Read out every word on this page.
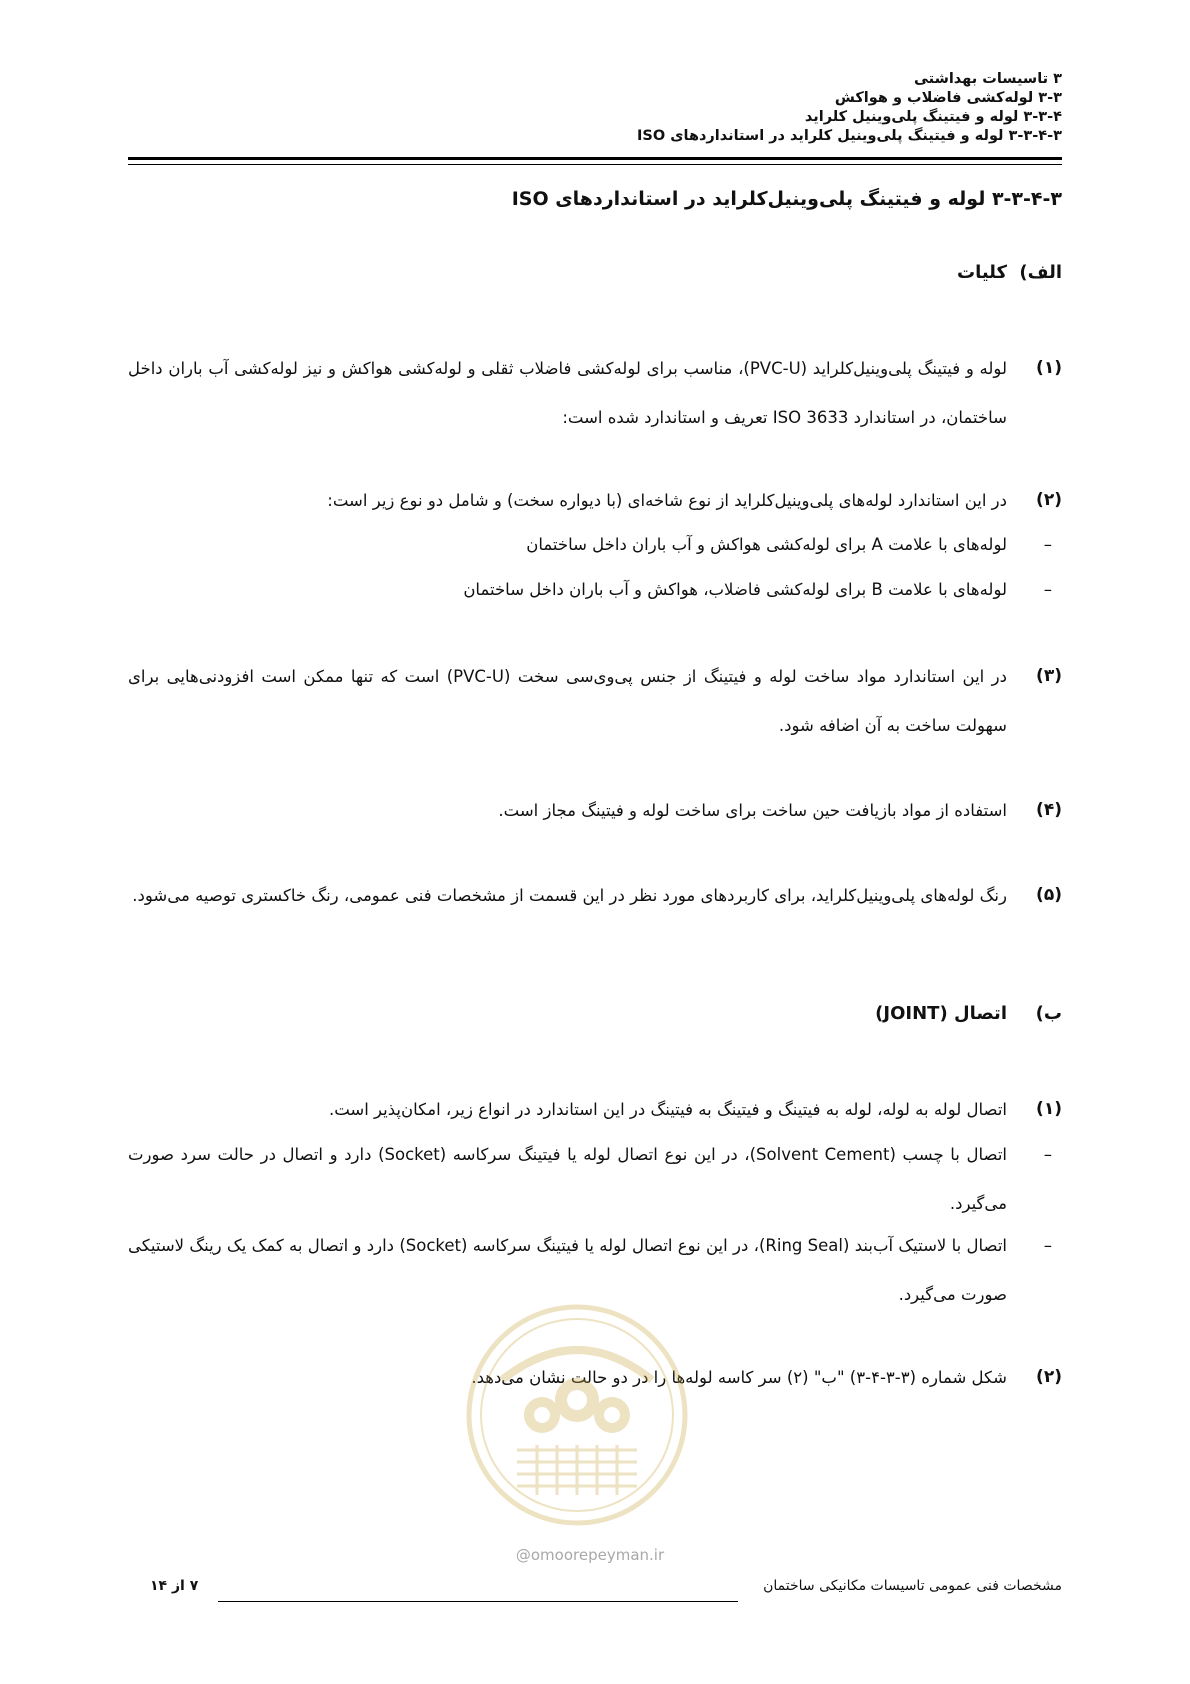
۳ تاسیسات بهداشتی
۳-۳ لوله‌کشی فاضلاب و هواکش
۳-۳-۴ لوله و فیتینگ پلی‌وینیل کلراید
۳-۳-۴-۳ لوله و فیتینگ پلی‌وینیل کلراید در استانداردهای ISO
۳-۳-۴-۳ لوله و فیتینگ پلی‌وینیل‌کلراید در استانداردهای ISO
الف)کلیات
(۱)
لوله و فیتینگ پلی‌وینیل‌کلراید (PVC-U)، مناسب برای لوله‌کشی فاضلاب ثقلی و لوله‌کشی هواکش و نیز لوله‌کشی آب باران داخل ساختمان، در استاندارد ISO 3633 تعریف و استاندارد شده است:
(۲)
در این استاندارد لوله‌های پلی‌وینیل‌کلراید از نوع شاخه‌ای (با دیواره سخت) و شامل دو نوع زیر است:
–
لوله‌های با علامت A برای لوله‌کشی هواکش و آب باران داخل ساختمان
–
لوله‌های با علامت B برای لوله‌کشی فاضلاب، هواکش و آب باران داخل ساختمان
(۳)
در این استاندارد مواد ساخت لوله و فیتینگ از جنس پی‌وی‌سی سخت (PVC-U) است که تنها ممکن است افزودنی‌هایی برای سهولت ساخت به آن اضافه شود.
(۴)
استفاده از مواد بازیافت حین ساخت برای ساخت لوله و فیتینگ مجاز است.
(۵)
رنگ لوله‌های پلی‌وینیل‌کلراید، برای کاربردهای مورد نظر در این قسمت از مشخصات فنی عمومی، رنگ خاکستری توصیه می‌شود.
ب)اتصال (JOINT)
(۱)
اتصال لوله به لوله، لوله به فیتینگ و فیتینگ به فیتینگ در این استاندارد در انواع زیر، امکان‌پذیر است.
–
اتصال با چسب (Solvent Cement)، در این نوع اتصال لوله یا فیتینگ سرکاسه (Socket) دارد و اتصال در حالت سرد صورت می‌گیرد.
–
اتصال با لاستیک آب‌بند (Ring Seal)، در این نوع اتصال لوله یا فیتینگ سرکاسه (Socket) دارد و اتصال به کمک یک رینگ لاستیکی صورت می‌گیرد.
(۲)
شکل شماره (۳-۳-۴-۳) "ب" (۲) سر کاسه لوله‌ها را در دو حالت نشان می‌دهد.
@omoorepeyman.ir
۷ از ۱۴	مشخصات فنی عمومی تاسیسات مکانیکی ساختمان
